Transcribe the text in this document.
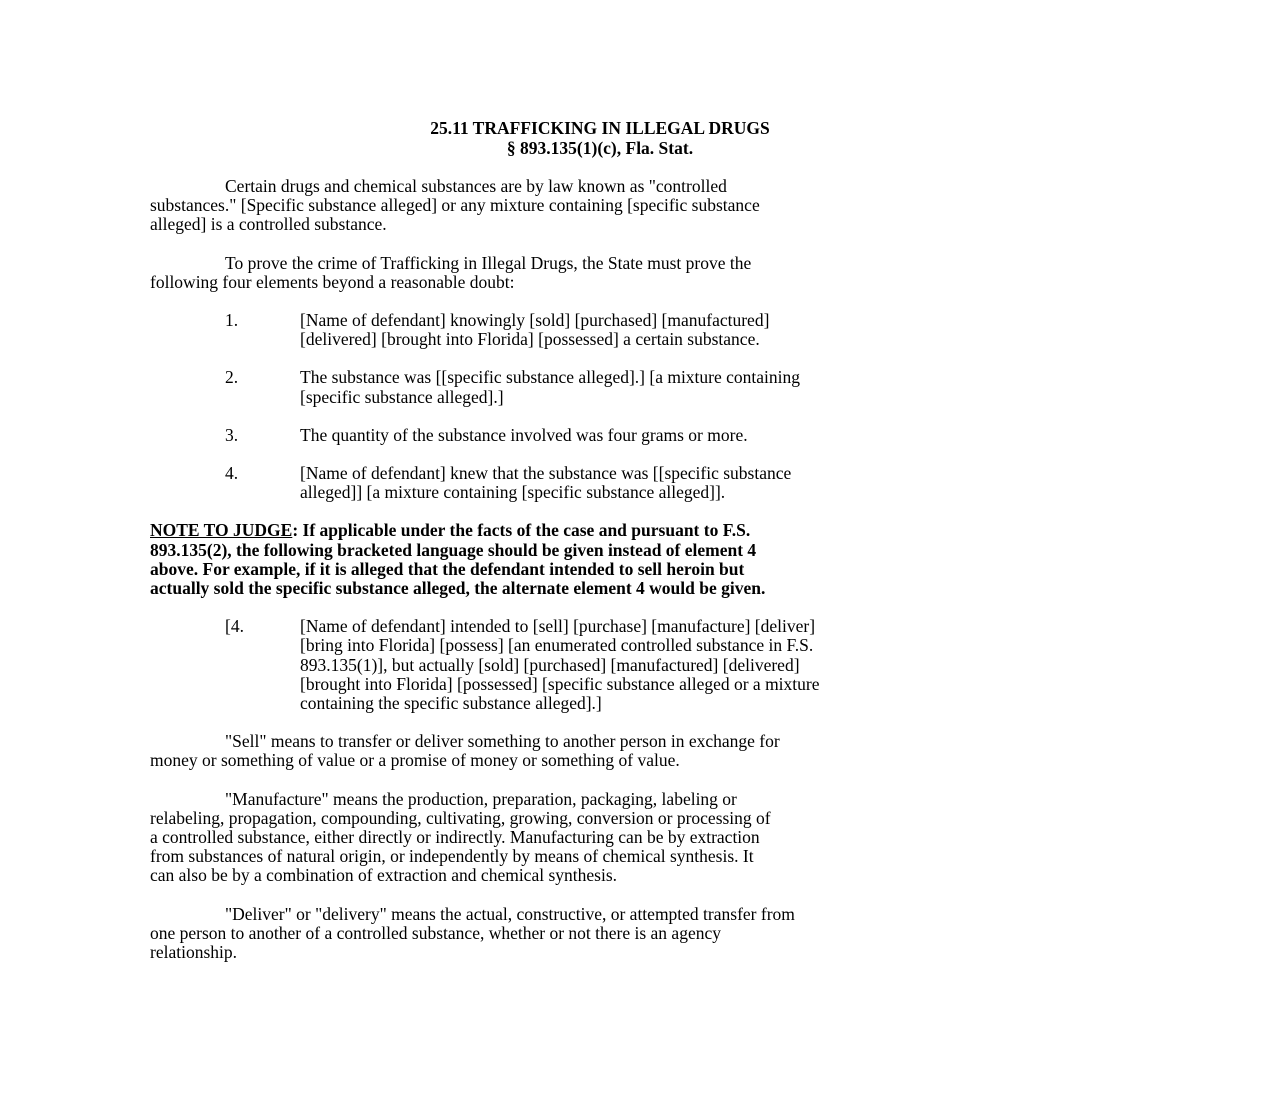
25.11 TRAFFICKING IN ILLEGAL DRUGS
§ 893.135(1)(c), Fla. Stat.
Certain drugs and chemical substances are by law known as "controlled
substances." [Specific substance alleged] or any mixture containing [specific substance
alleged] is a controlled substance.
To prove the crime of Trafficking in Illegal Drugs, the State must prove the
following four elements beyond a reasonable doubt:
1.	[Name of defendant] knowingly [sold] [purchased] [manufactured]
[delivered] [brought into Florida] [possessed] a certain substance.
2.	The substance was [[specific substance alleged].] [a mixture containing
[specific substance alleged].]
3.	The quantity of the substance involved was four grams or more.
4.	[Name of defendant] knew that the substance was [[specific substance
alleged]] [a mixture containing [specific substance alleged]].
NOTE TO JUDGE: If applicable under the facts of the case and pursuant to F.S.
893.135(2), the following bracketed language should be given instead of element 4
above. For example, if it is alleged that the defendant intended to sell heroin but
actually sold the specific substance alleged, the alternate element 4 would be given.
[4.	[Name of defendant] intended to [sell] [purchase] [manufacture] [deliver]
[bring into Florida] [possess] [an enumerated controlled substance in F.S.
893.135(1)], but actually [sold] [purchased] [manufactured] [delivered]
[brought into Florida] [possessed] [specific substance alleged or a mixture
containing the specific substance alleged].]
"Sell" means to transfer or deliver something to another person in exchange for
money or something of value or a promise of money or something of value.
"Manufacture" means the production, preparation, packaging, labeling or
relabeling, propagation, compounding, cultivating, growing, conversion or processing of
a controlled substance, either directly or indirectly. Manufacturing can be by extraction
from substances of natural origin, or independently by means of chemical synthesis. It
can also be by a combination of extraction and chemical synthesis.
"Deliver" or "delivery" means the actual, constructive, or attempted transfer from
one person to another of a controlled substance, whether or not there is an agency
relationship.
